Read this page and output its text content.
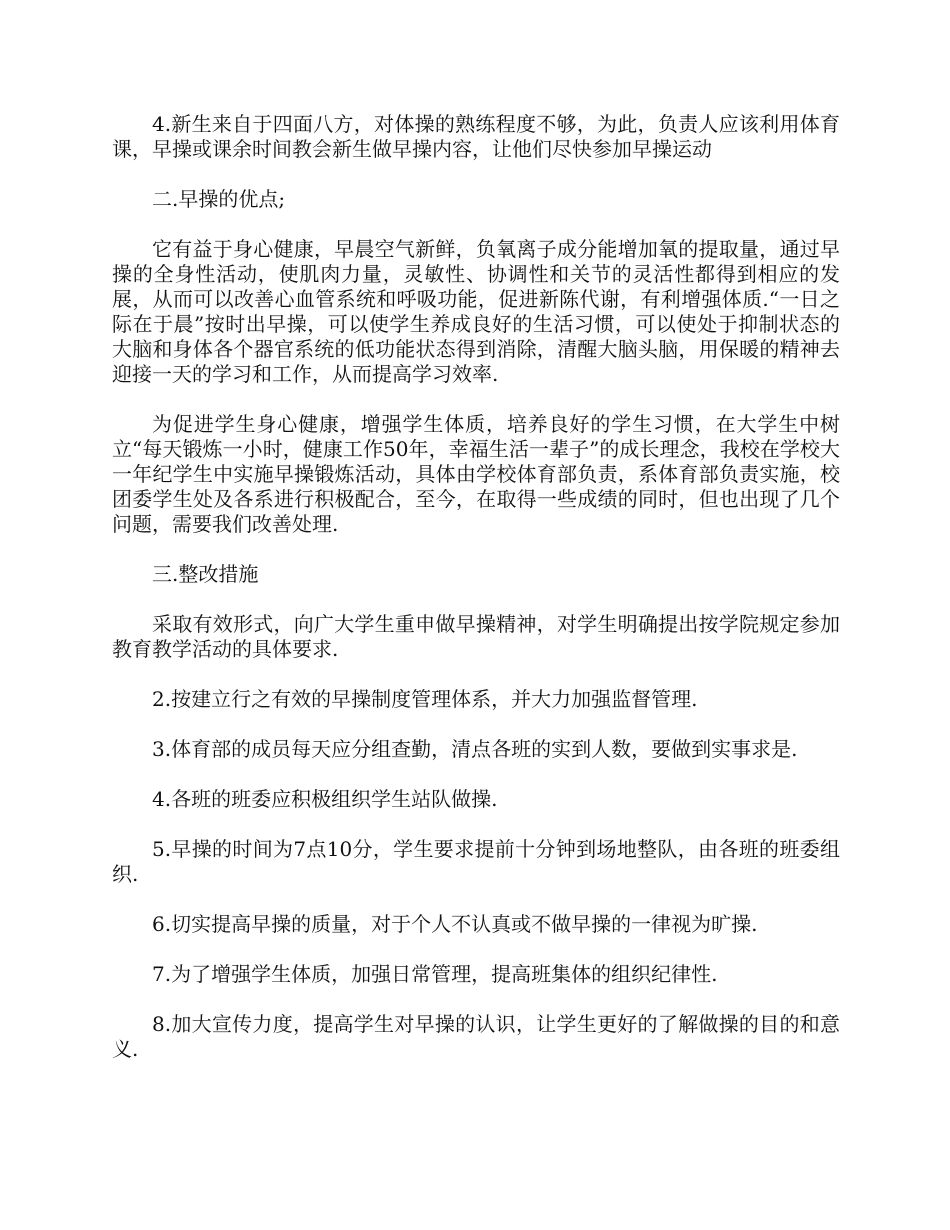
4.新生来自于四面八方，对体操的熟练程度不够，为此，负责人应该利用体育课，早操或课余时间教会新生做早操内容，让他们尽快参加早操运动

二.早操的优点;

它有益于身心健康，早晨空气新鲜，负氧离子成分能增加氧的提取量，通过早操的全身性活动，使肌肉力量，灵敏性、协调性和关节的灵活性都得到相应的发展，从而可以改善心血管系统和呼吸功能，促进新陈代谢，有利增强体质.“一日之际在于晨”按时出早操，可以使学生养成良好的生活习惯，可以使处于抑制状态的大脑和身体各个器官系统的低功能状态得到消除，清醒大脑头脑，用保暖的精神去迎接一天的学习和工作，从而提高学习效率.

为促进学生身心健康，增强学生体质，培养良好的学生习惯，在大学生中树立“每天锻炼一小时，健康工作50年，幸福生活一辈子”的成长理念，我校在学校大一年纪学生中实施早操锻炼活动，具体由学校体育部负责，系体育部负责实施，校团委学生处及各系进行积极配合，至今，在取得一些成绩的同时，但也出现了几个问题，需要我们改善处理.

三.整改措施

采取有效形式，向广大学生重申做早操精神，对学生明确提出按学院规定参加教育教学活动的具体要求.

2.按建立行之有效的早操制度管理体系，并大力加强监督管理.

3.体育部的成员每天应分组查勤，清点各班的实到人数，要做到实事求是.

4.各班的班委应积极组织学生站队做操.

5.早操的时间为7点10分，学生要求提前十分钟到场地整队，由各班的班委组织.

6.切实提高早操的质量，对于个人不认真或不做早操的一律视为旷操.

7.为了增强学生体质，加强日常管理，提高班集体的组织纪律性.

8.加大宣传力度，提高学生对早操的认识，让学生更好的了解做操的目的和意义.
